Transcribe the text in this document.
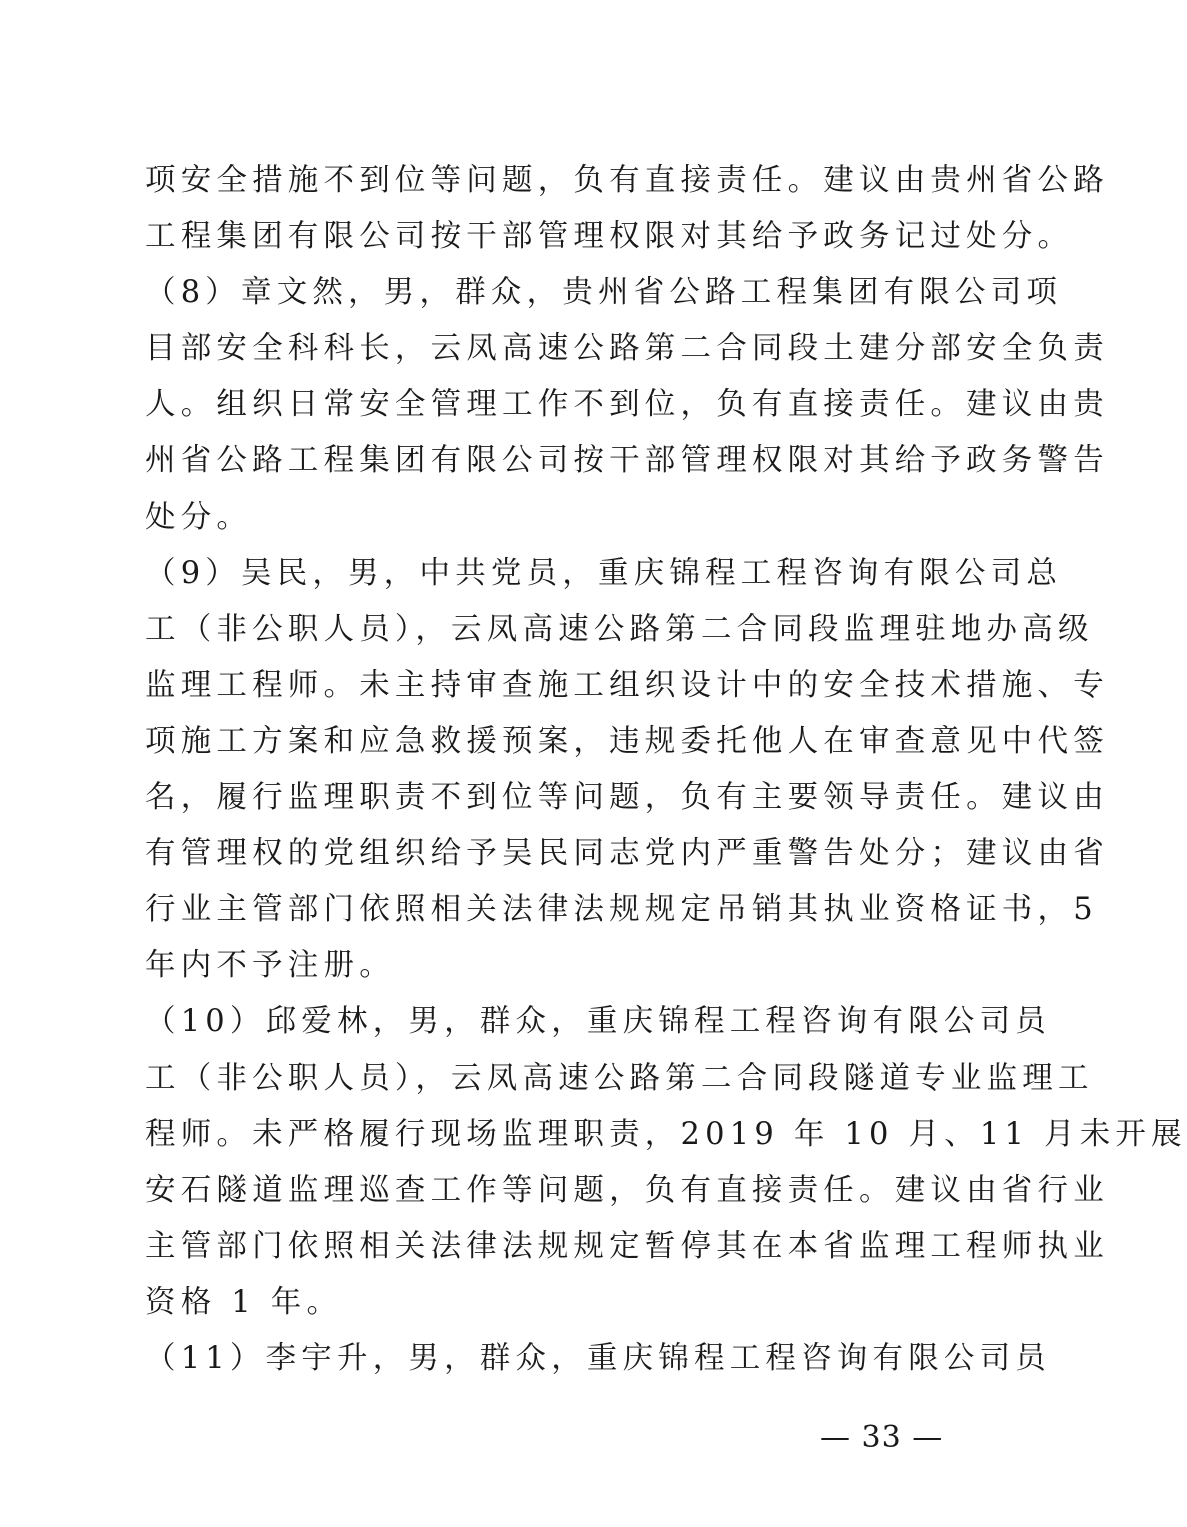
项安全措施不到位等问题，负有直接责任。建议由贵州省公路
工程集团有限公司按干部管理权限对其给予政务记过处分。
（8）章文然，男，群众，贵州省公路工程集团有限公司项
目部安全科科长，云凤高速公路第二合同段土建分部安全负责
人。组织日常安全管理工作不到位，负有直接责任。建议由贵
州省公路工程集团有限公司按干部管理权限对其给予政务警告
处分。
（9）吴民，男，中共党员，重庆锦程工程咨询有限公司总
工（非公职人员），云凤高速公路第二合同段监理驻地办高级
监理工程师。未主持审查施工组织设计中的安全技术措施、专
项施工方案和应急救援预案，违规委托他人在审查意见中代签
名，履行监理职责不到位等问题，负有主要领导责任。建议由
有管理权的党组织给予吴民同志党内严重警告处分；建议由省
行业主管部门依照相关法律法规规定吊销其执业资格证书，5
年内不予注册。
（10）邱爱林，男，群众，重庆锦程工程咨询有限公司员
工（非公职人员），云凤高速公路第二合同段隧道专业监理工
程师。未严格履行现场监理职责，2019 年 10 月、11 月未开展
安石隧道监理巡查工作等问题，负有直接责任。建议由省行业
主管部门依照相关法律法规规定暂停其在本省监理工程师执业
资格 1 年。
（11）李宇升，男，群众，重庆锦程工程咨询有限公司员
— 33 —
